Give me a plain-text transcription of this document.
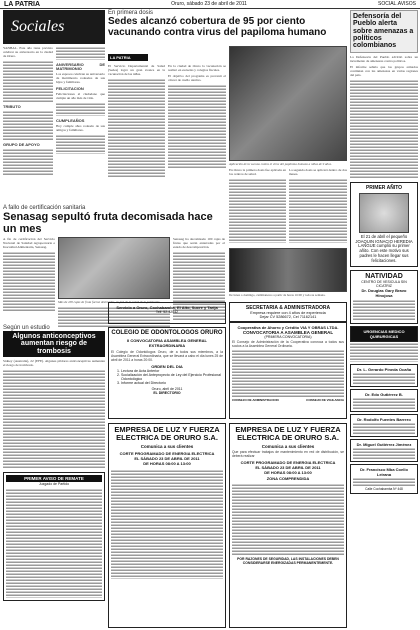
LA PATRIA	Oruro, sábado 23 de abril de 2011	SOCIAL.AVISOS
Sociales

YANBAL. Este año tiene previsto celebrar su aniversario en la ciudad de Oruro.

TRIBUTO
GRUPO DE APOYO
ANIVERSARIO DE MATRIMONIO

Los esposos celebran su aniversario de matrimonio rodeados de sus hijos y familiares.

FELICITACION

Felicitaciones al ciudadano que cumple un año más de vida.

CUMPLEAÑOS

Hoy cumple años rodeado de sus amigos y familiares.

A fallo de certificación sanitaria
Senasag sepultó fruta decomisada hace un mes

A fin de certificación del Servicio Nacional de Sanidad Agropecuaria e Inocuidad Alimentaria, Senasag.

Más de 100 cajas de fruta fueron destruidas, en pró de la salud de la población.

Senasag ha decomisado 100 cajas de frutas que serán enterradas por el estado de descomposición.

Según un estudio
Algunos anticonceptivos aumentan riesgo de trombosis

Sidney (Australia), 22 (EFE). Algunas píldoras anticonceptivas aumentan el riesgo de trombosis.

PRIMER AVISO DE REMATE
Juzgado de Partido
En primera dosis
Sedes alcanzó cobertura de 95 por ciento vacunando contra virus del papiloma humano
LA PATRIA

El Servicio Departamental de Salud (Sedes) logró un gran avance en la vacunación de las niñas.

En la ciudad de Oruro la vacunación se realizó en escuelas y colegios fiscales.

El objetivo del programa es prevenir el cáncer de cuello uterino.

Aplicación de la vacuna contra el virus del papiloma humano a niñas de 9 años.

En Oruro la primera dosis fue aplicada en los centros de salud.

La segunda dosis se aplicará dentro de dos meses.

De lunes a domingo, cumbianeros a partir de horas 16:00 y toda su semana.
SECRETARIA & ADMINISTRADORA
Empresa requiere con 4 años de experiencia
Dejar CV 5286672, Cel 71162141
Cooperativa de Ahorro y Crédito VIA Y OBRAS LTDA.
CONVOCATORIA A ASAMBLEA GENERAL
(PRIMERA CONVOCATORIA)
El Consejo de Administración de la Cooperativa convoca a todos sus socios a la Asamblea General Ordinaria.
CONSEJO DE ADMINISTRACION	CONSEJO DE VIGILANCIA
Servicio a Oruro, Cochabamba, El Alto, Sucre y Tarija
Telf. 52-42542
COLEGIO DE ODONTOLOGOS ORURO
II CONVOCATORIA ASAMBLEA GENERAL EXTRAORDINARIA
El Colegio de Odontólogos Oruro, de a todos sus miembros, a la Asamblea General Extraordinaria, que se llevará a cabo el día lunes 25 de abril de 2011 a horas 20:00.
ORDEN DEL DIA
1. Lectura de Acta Anterior
2. Socialización del Anteproyecto de Ley del Ejercicio Profesional Odontológico
3. Informe actual del Directorio
Oruro, abril de 2011
EL DIRECTORIO
EMPRESA DE LUZ Y FUERZA ELECTRICA DE ORURO S.A.
Comunica a sus clientes
CORTE PROGRAMADO DE ENERGIA ELECTRICA
EL SÁBADO 23 DE ABRIL DE 2011
DE HORAS 08:00 A 13:00
EMPRESA DE LUZ Y FUERZA ELECTRICA DE ORURO S.A.
Comunica a sus clientes
Que para efectuar trabajos de mantenimiento en red de distribución, se deberá realizar
CORTE PROGRAMADO DE ENERGIA ELECTRICA
EL SÁBADO 23 DE ABRIL DE 2011
DE HORAS 08:00 A 13:00
ZONA COMPRENDIDA
POR RAZONES DE SEGURIDAD, LAS INSTALACIONES DEBEN CONSIDERARSE ENERGIZADAS PERMANENTEMENTE.
Defensoría del Pueblo alerta sobre amenazas a políticos colombianos

La Defensoría del Pueblo advirtió sobre un incremento de amenazas contra políticos.

El informe señala que los grupos armados continúan con las amenazas en varias regiones del país.

PRIMER AÑITO
El 21 de abril el pequeño JOAQUIN IGNACIO HEREDIA LANGUE cumplió su primer añito. Con este motivo sus padres le hacen llegar sus felicitaciones.
NATIVIDAD
CENTRO DE VESICULA SIN CICATRIZ
Dr. Douglas Gary Bravo Hinojosa
URGENCIAS MEDICO QUIRURGICAS
Dr. L. Gerardo Pineda Ocaña
Dr. Edo Gutiérrez B.
Dr. Rodolfo Fuentes Barrero
Dr. Miguel Gutiérrez Jiménez
Dr. Francisco Mba Coello Leirana
Calle Cochabamba Nº 448
